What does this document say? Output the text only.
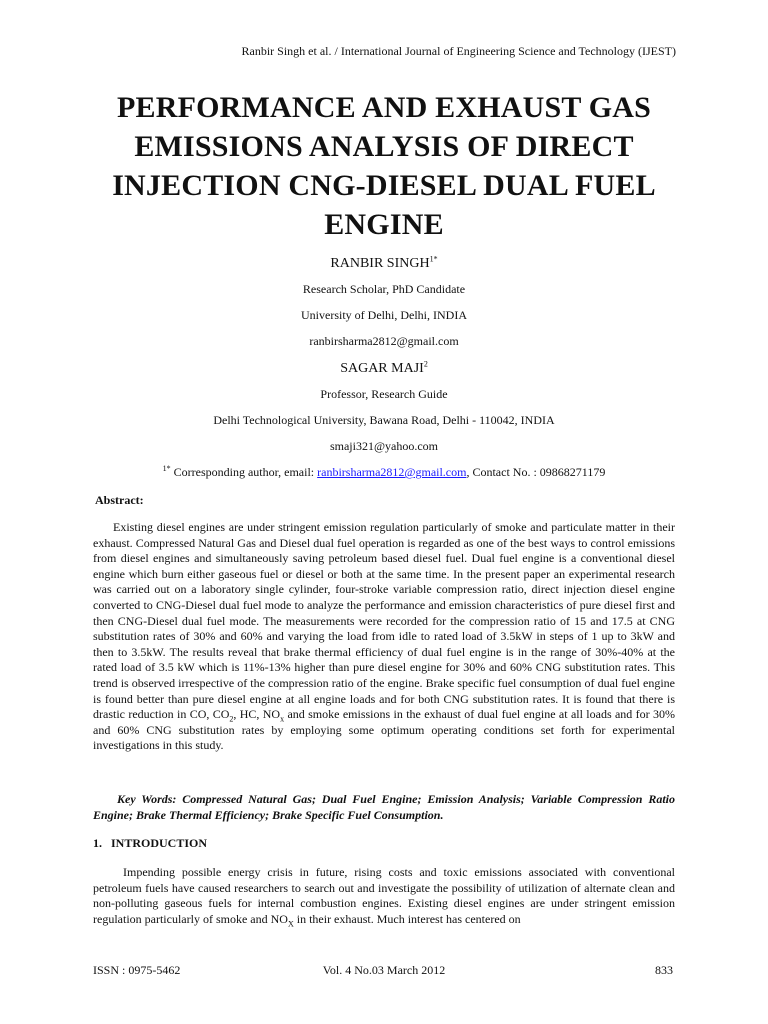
Ranbir Singh et al. / International Journal of Engineering Science and Technology (IJEST)
PERFORMANCE AND EXHAUST GAS
EMISSIONS ANALYSIS OF DIRECT
INJECTION CNG-DIESEL DUAL FUEL
ENGINE
RANBIR $SINGH^{1*}$
Research Scholar, PhD Candidate
University of Delhi, Delhi, INDIA
ranbirsharma2812@gmail.com
SAGAR MAJI$^2$
Professor, Research Guide
Delhi Technological University, Bawana Road, Delhi - 110042, INDIA
smaji321@yahoo.com
$^{1*}$ Corresponding author, email: ranbirsharma2812@gmail.com, Contact No. : 09868271179
Abstract:

Existing diesel engines are under stringent emission regulation particularly of smoke and particulate matter in their exhaust. Compressed Natural Gas and Diesel dual fuel operation is regarded as one of the best ways to control emissions from diesel engines and simultaneously saving petroleum based diesel fuel. Dual fuel engine is a conventional diesel engine which burn either gaseous fuel or diesel or both at the same time. In the present paper an experimental research was carried out on a laboratory single cylinder, four-stroke variable compression ratio, direct injection diesel engine converted to CNG-Diesel dual fuel mode to analyze the performance and emission characteristics of pure diesel first and then CNG-Diesel dual fuel mode. The measurements were recorded for the compression ratio of 15 and 17.5 at CNG substitution rates of 30% and 60% and varying the load from idle to rated load of 3.5kW in steps of 1 up to 3kW and then to 3.5kW. The results reveal that brake thermal efficiency of dual fuel engine is in the range of 30%-40% at the rated load of 3.5 kW which is 11%-13% higher than pure diesel engine for 30% and 60% CNG substitution rates. This trend is observed irrespective of the compression ratio of the engine. Brake specific fuel consumption of dual fuel engine is found better than pure diesel engine at all engine loads and for both CNG substitution rates. It is found that there is drastic reduction in CO, $CO_2$, HC, $NO_x$ and smoke emissions in the exhaust of dual fuel engine at all loads and for 30% and 60% CNG substitution rates by employing some optimum operating conditions set forth for experimental investigations in this study.

Key Words: Compressed Natural Gas; Dual Fuel Engine; Emission Analysis; Variable Compression Ratio Engine; Brake Thermal Efficiency; Brake Specific Fuel Consumption.

1. INTRODUCTION

Impending possible energy crisis in future, rising costs and toxic emissions associated with conventional petroleum fuels have caused researchers to search out and investigate the possibility of utilization of alternate clean and non-polluting gaseous fuels for internal combustion engines. Existing diesel engines are under stringent emission regulation particularly of smoke and $NO_X$ in their exhaust. Much interest has centered on

ISSN : 0975-5462	Vol. 4 No.03 March 2012	833
